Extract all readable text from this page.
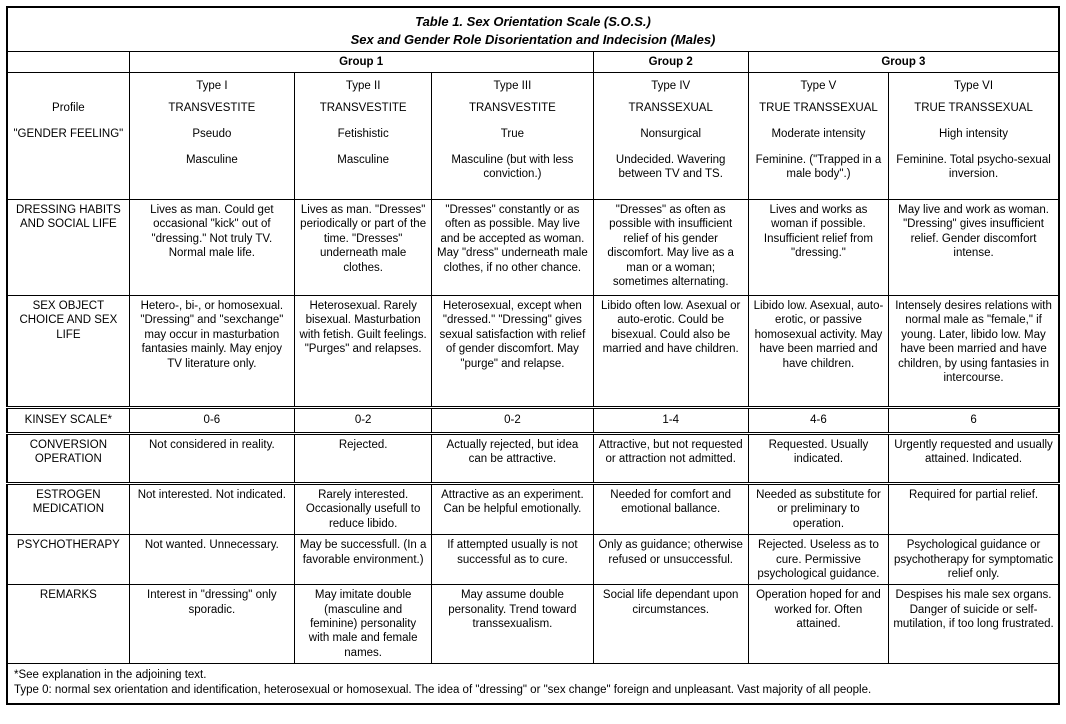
Table 1. Sex Orientation Scale (S.O.S.)
Sex and Gender Role Disorientation and Indecision (Males)						

	Group 1			Group 2	Group 3	
	Type I	Type II	Type III	Type IV	Type V	Type VI
Profile	TRANSVESTITE	TRANSVESTITE	TRANSVESTITE	TRANSSEXUAL	TRUE TRANSSEXUAL	TRUE TRANSSEXUAL
"GENDER FEELING"	Pseudo	Fetishistic	True	Nonsurgical	Moderate intensity	High intensity
	Masculine	Masculine	Masculine (but with less conviction.)	Undecided. Wavering between TV and TS.	Feminine. ("Trapped in a male body".)	Feminine. Total psycho-sexual inversion.
DRESSING HABITS AND SOCIAL LIFE	Lives as man. Could get occasional "kick" out of "dressing." Not truly TV. Normal male life.	Lives as man. "Dresses" periodically or part of the time. "Dresses" underneath male clothes.	"Dresses" constantly or as often as possible. May live and be accepted as woman. May "dress" underneath male clothes, if no other chance.	"Dresses" as often as possible with insufficient relief of his gender discomfort. May live as a man or a woman; sometimes alternating.	Lives and works as woman if possible. Insufficient relief from "dressing."	May live and work as woman. "Dressing" gives insufficient relief. Gender discomfort intense.
SEX OBJECT CHOICE AND SEX LIFE	Hetero-, bi-, or homosexual. "Dressing" and "sexchange" may occur in masturbation fantasies mainly. May enjoy TV literature only.	Heterosexual. Rarely bisexual. Masturbation with fetish. Guilt feelings. "Purges" and relapses.	Heterosexual, except when "dressed." "Dressing" gives sexual satisfaction with relief of gender discomfort. May "purge" and relapse.	Libido often low. Asexual or auto-erotic. Could be bisexual. Could also be married and have children.	Libido low. Asexual, auto-erotic, or passive homosexual activity. May have been married and have children.	Intensely desires relations with normal male as "female," if young. Later, libido low. May have been married and have children, by using fantasies in intercourse.
KINSEY SCALE*	0-6	0-2	0-2	1-4	4-6	6
CONVERSION OPERATION	Not considered in reality.	Rejected.	Actually rejected, but idea can be attractive.	Attractive, but not requested or attraction not admitted.	Requested. Usually indicated.	Urgently requested and usually attained. Indicated.
ESTROGEN MEDICATION	Not interested. Not indicated.	Rarely interested. Occasionally usefull to reduce libido.	Attractive as an experiment. Can be helpful emotionally.	Needed for comfort and emotional ballance.	Needed as substitute for or preliminary to operation.	Required for partial relief.
PSYCHOTHERAPY	Not wanted. Unnecessary.	May be successfull. (In a favorable environment.)	If attempted usually is not successful as to cure.	Only as guidance; otherwise refused or unsuccessful.	Rejected. Useless as to cure. Permissive psychological guidance.	Psychological guidance or psychotherapy for symptomatic relief only.
REMARKS	Interest in "dressing" only sporadic.	May imitate double (masculine and feminine) personality with male and female names.	May assume double personality. Trend toward transsexualism.	Social life dependant upon circumstances.	Operation hoped for and worked for. Often attained.	Despises his male sex organs. Danger of suicide or self-mutilation, if too long frustrated.

*See explanation in the adjoining text.
Type 0: normal sex orientation and identification, heterosexual or homosexual. The idea of "dressing" or "sex change" foreign and unpleasant. Vast majority of all people.						
